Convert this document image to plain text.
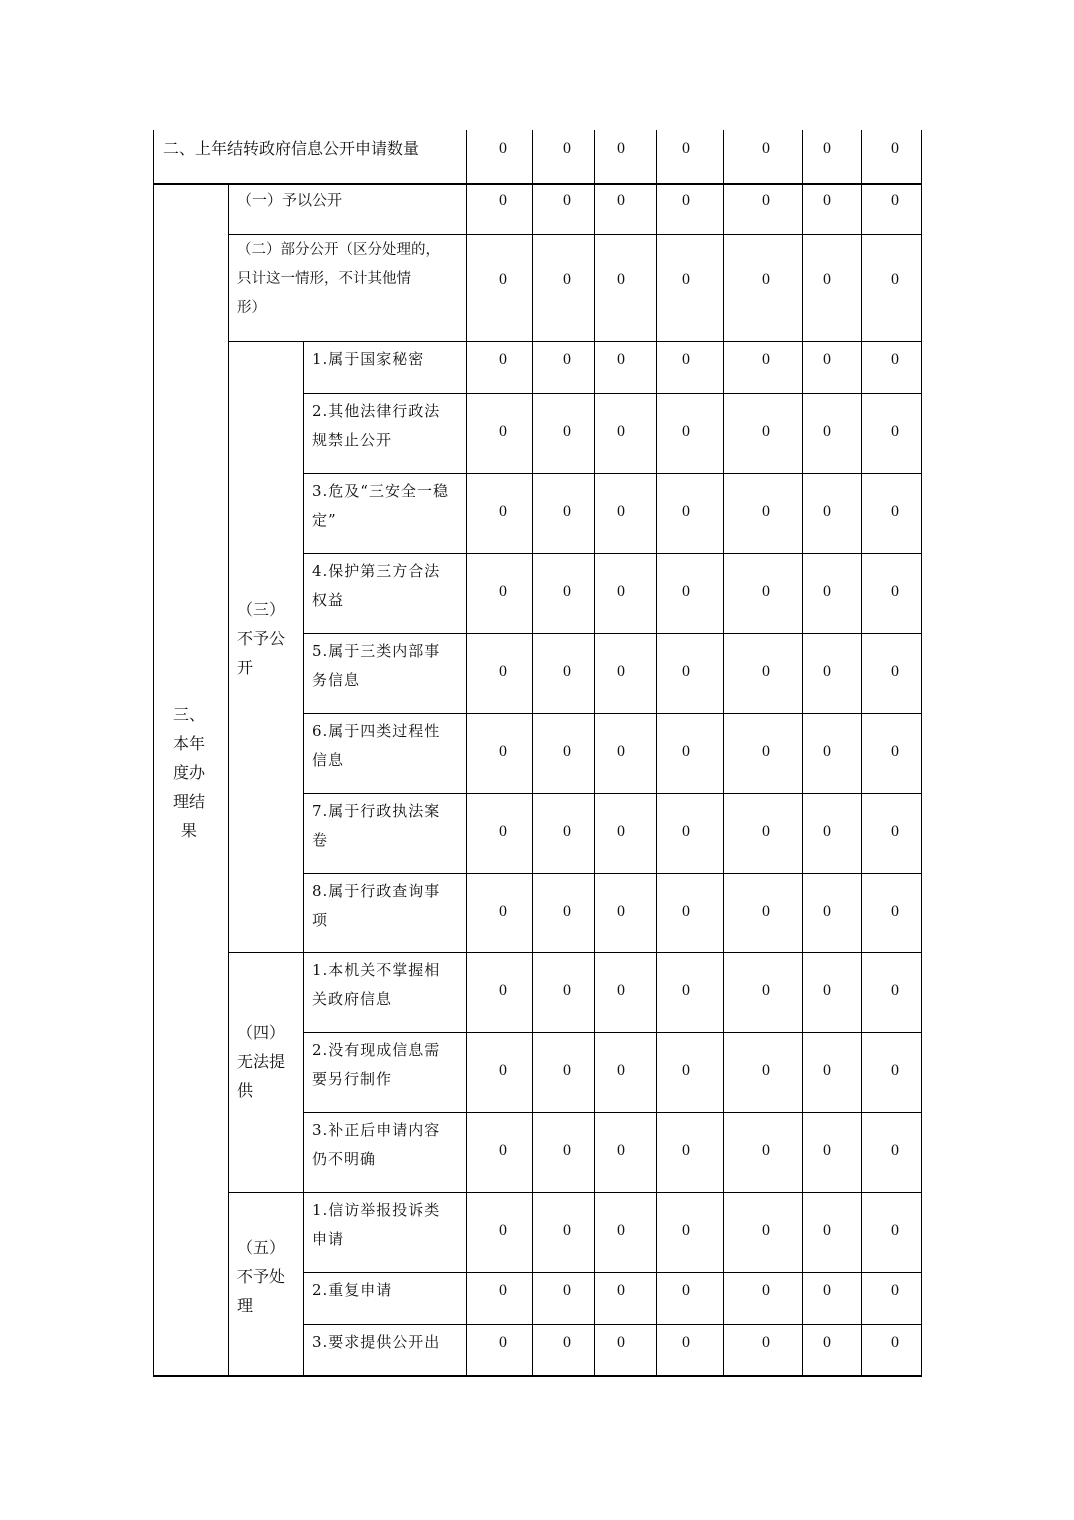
二、上年结转政府信息公开申请数量	0	0	0	0	0	0	0
三、
本年
度办
理结
果
（一）予以公开	0	0	0	0	0	0	0
（二）部分公开（区分处理的，
只计这一情形，不计其他情
形）
0	0	0	0	0	0	0
（三）
不予公
开
1.属于国家秘密	0	0	0	0	0	0	0
2.其他法律行政法
规禁止公开	0	0	0	0	0	0	0
3.危及“三安全一稳
定”	0	0	0	0	0	0	0
4.保护第三方合法
权益	0	0	0	0	0	0	0
5.属于三类内部事
务信息	0	0	0	0	0	0	0
6.属于四类过程性
信息	0	0	0	0	0	0	0
7.属于行政执法案
卷	0	0	0	0	0	0	0
8.属于行政查询事
项	0	0	0	0	0	0	0
（四）
无法提
供
1.本机关不掌握相
关政府信息	0	0	0	0	0	0	0
2.没有现成信息需
要另行制作	0	0	0	0	0	0	0
3.补正后申请内容
仍不明确	0	0	0	0	0	0	0
（五）
不予处
理
1.信访举报投诉类
申请	0	0	0	0	0	0	0
2.重复申请	0	0	0	0	0	0	0
3.要求提供公开出	0	0	0	0	0	0	0
